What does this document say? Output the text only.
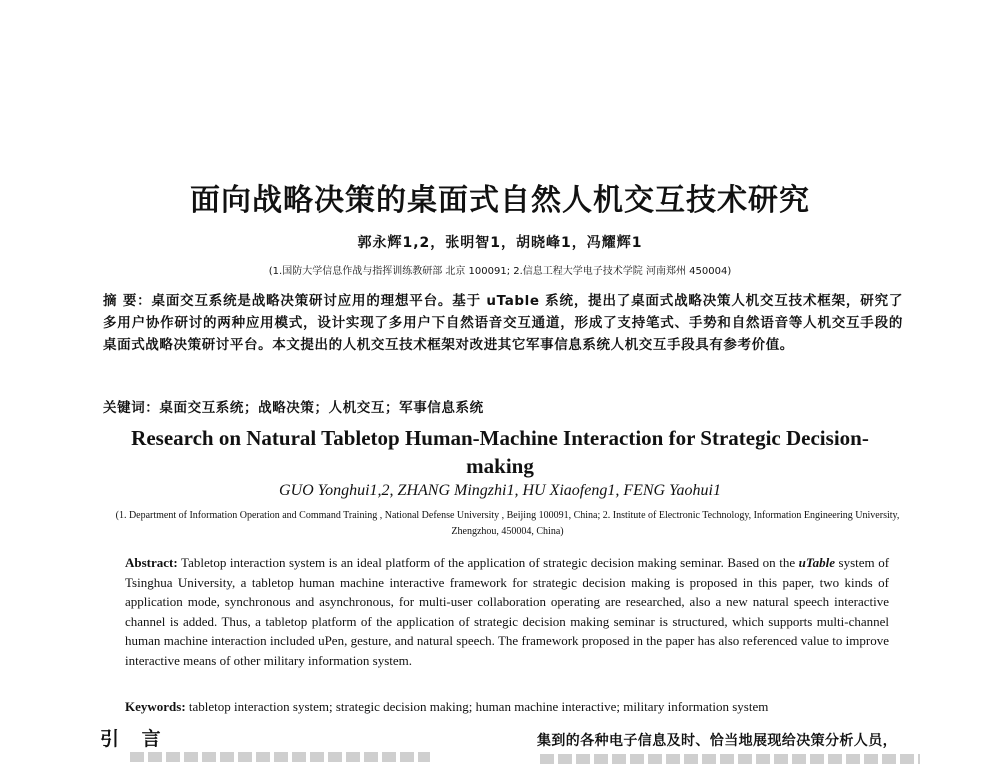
面向战略决策的桌面式自然人机交互技术研究
郭永辉1,2，张明智1，胡晓峰1，冯耀辉1
(1.国防大学信息作战与指挥训练教研部 北京 100091; 2.信息工程大学电子技术学院 河南郑州 450004)
摘 要：桌面交互系统是战略决策研讨应用的理想平台。基于 uTable 系统，提出了桌面式战略决策人机交互技术框架，研究了多用户协作研讨的两种应用模式，设计实现了多用户下自然语音交互通道，形成了支持笔式、手势和自然语音等人机交互手段的桌面式战略决策研讨平台。本文提出的人机交互技术框架对改进其它军事信息系统人机交互手段具有参考价值。
关键词：桌面交互系统；战略决策；人机交互；军事信息系统
Research on Natural Tabletop Human-Machine Interaction for Strategic Decision-making
GUO Yonghui1,2, ZHANG Mingzhi1, HU Xiaofeng1, FENG Yaohui1
(1. Department of Information Operation and Command Training , National Defense University , Beijing 100091, China; 2. Institute of Electronic Technology, Information Engineering University, Zhengzhou, 450004, China)
Abstract: Tabletop interaction system is an ideal platform of the application of strategic decision making seminar. Based on the uTable system of Tsinghua University, a tabletop human machine interactive framework for strategic decision making is proposed in this paper, two kinds of application mode, synchronous and asynchronous, for multi-user collaboration operating are researched, also a new natural speech interactive channel is added. Thus, a tabletop platform of the application of strategic decision making seminar is structured, which supports multi-channel human machine interaction included uPen, gesture, and natural speech. The framework proposed in the paper has also referenced value to improve interactive means of other military information system.
Keywords: tabletop interaction system; strategic decision making; human machine interactive; military information system
引 言	集到的各种电子信息及时、恰当地展现给决策分析人员，
